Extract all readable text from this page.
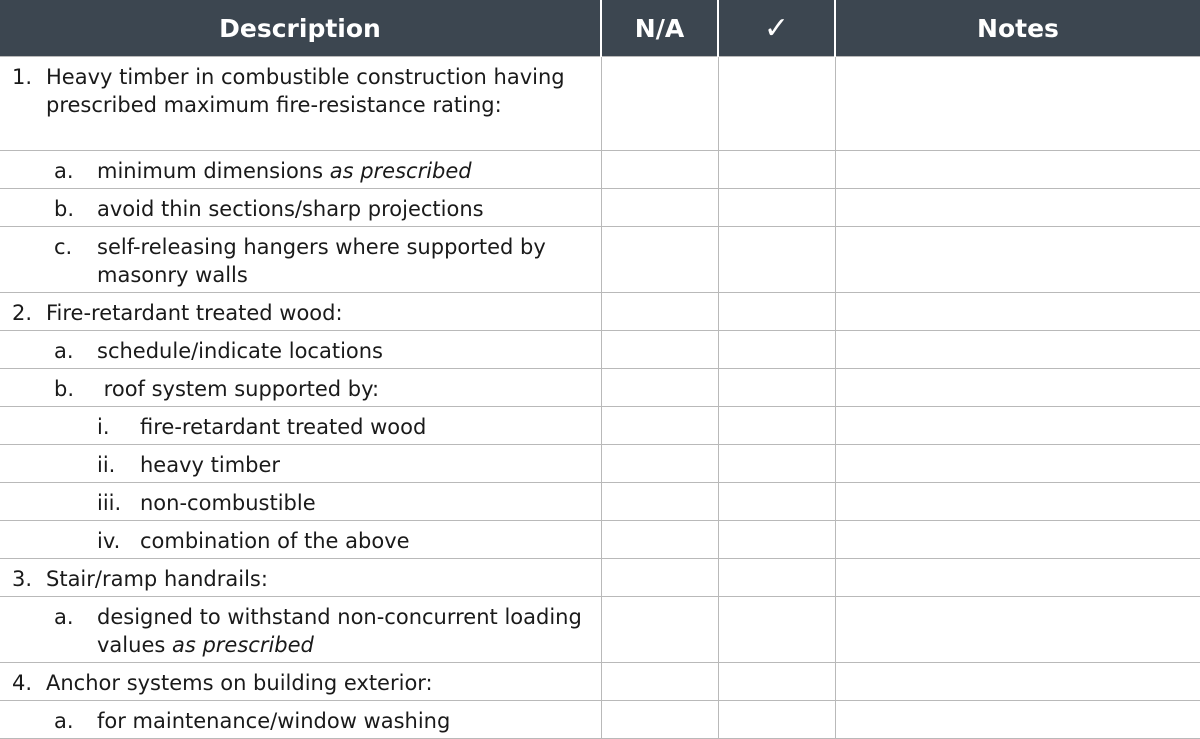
Description	N/A	✓	Notes

1. Heavy timber in combustible construction having prescribed maximum fire-resistance rating:			

a. minimum dimensions as prescribed			

b. avoid thin sections/sharp projections			

c. self-releasing hangers where supported by masonry walls			

2. Fire-retardant treated wood:			

a. schedule/indicate locations			

b. roof system supported by:			

i. fire-retardant treated wood			

ii. heavy timber			

iii. non-combustible			

iv. combination of the above			

3. Stair/ramp handrails:			

a. designed to withstand non-concurrent loading values as prescribed			

4. Anchor systems on building exterior:			

a. for maintenance/window washing			
